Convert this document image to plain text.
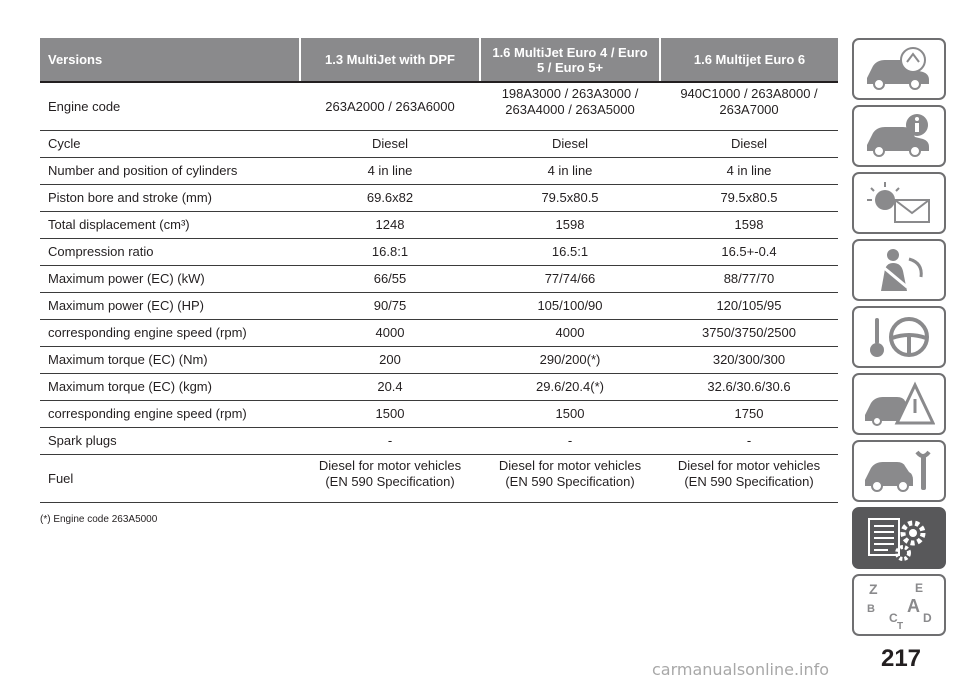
Versions	1.3 MultiJet with DPF	1.6 MultiJet Euro 4 / Euro 5 / Euro 5+	1.6 Multijet Euro 6
Engine code	263A2000 / 263A6000	198A3000 / 263A3000 / 263A4000 / 263A5000	940C1000 / 263A8000 / 263A7000
Cycle	Diesel	Diesel	Diesel
Number and position of cylinders	4 in line	4 in line	4 in line
Piston bore and stroke (mm)	69.6x82	79.5x80.5	79.5x80.5
Total displacement (cm³)	1248	1598	1598
Compression ratio	16.8:1	16.5:1	16.5+-0.4
Maximum power (EC) (kW)	66/55	77/74/66	88/77/70
Maximum power (EC) (HP)	90/75	105/100/90	120/105/95
corresponding engine speed (rpm)	4000	4000	3750/3750/2500
Maximum torque (EC) (Nm)	200	290/200(*)	320/300/300
Maximum torque (EC) (kgm)	20.4	29.6/20.4(*)	32.6/30.6/30.6
corresponding engine speed (rpm)	1500	1500	1750
Spark plugs	-	-	-
Fuel	Diesel for motor vehicles (EN 590 Specification)	Diesel for motor vehicles (EN 590 Specification)	Diesel for motor vehicles (EN 590 Specification)
(*) Engine code 263A5000
Z	E
B A
C D
T
217
carmanualsonline.info
